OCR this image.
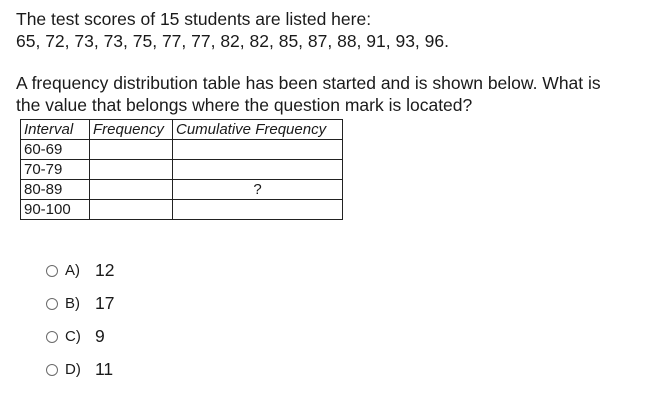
The test scores of 15 students are listed here:

65, 72, 73, 73, 75, 77, 77, 82, 82, 85, 87, 88, 91, 93, 96.

A frequency distribution table has been started and is shown below. What is

the value that belongs where the question mark is located?

Interval	Frequency	Cumulative Frequency
60-69		
70-79		
80-89		?
90-100		
A) 12
B) 17
C) 9
D) 11
